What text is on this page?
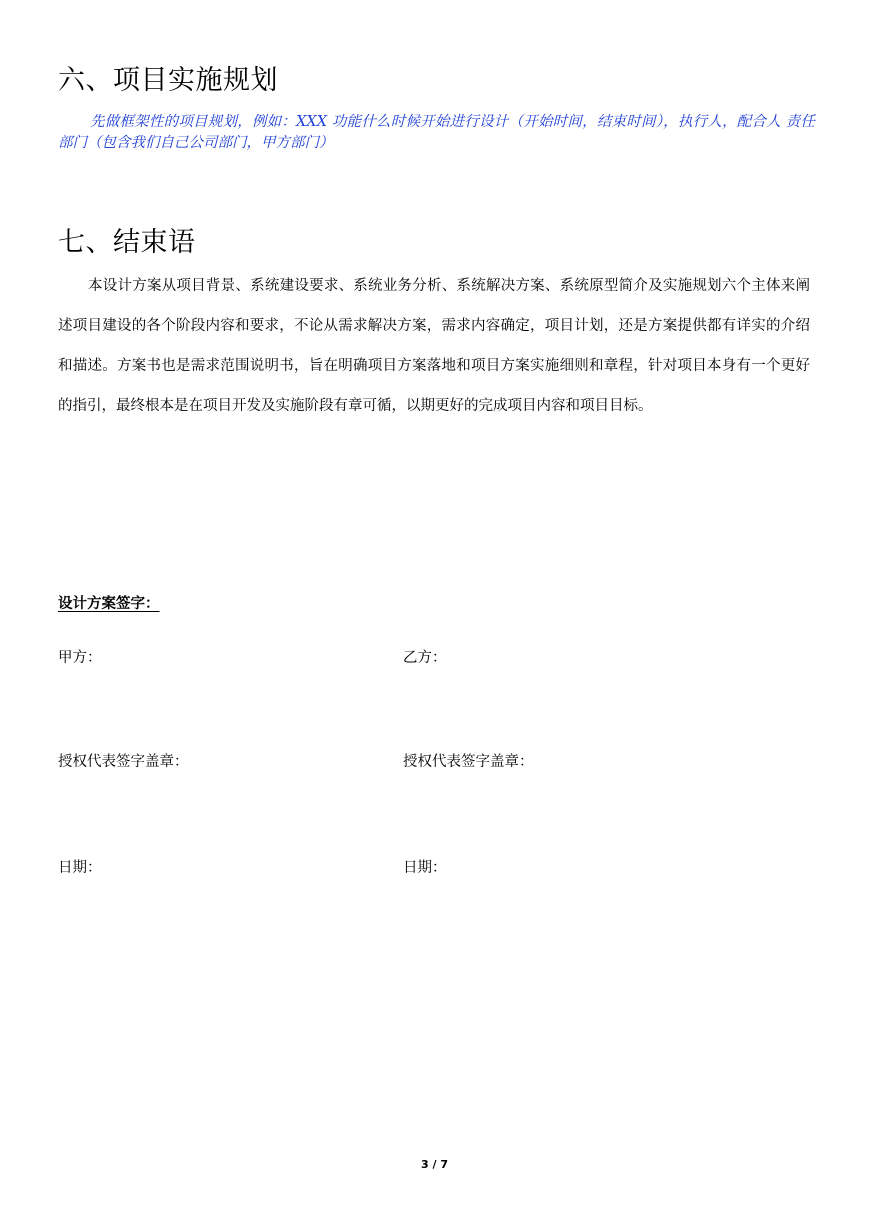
六、项目实施规划

先做框架性的项目规划，例如：XXX 功能什么时候开始进行设计（开始时间，结束时间），执行人，配合人 责任部门（包含我们自己公司部门，甲方部门）

七、结束语

本设计方案从项目背景、系统建设要求、系统业务分析、系统解决方案、系统原型简介及实施规划六个主体来阐述项目建设的各个阶段内容和要求，不论从需求解决方案，需求内容确定，项目计划，还是方案提供都有详实的介绍和描述。方案书也是需求范围说明书，旨在明确项目方案落地和项目方案实施细则和章程，针对项目本身有一个更好的指引，最终根本是在项目开发及实施阶段有章可循，以期更好的完成项目内容和项目目标。

设计方案签字：
甲方：	乙方：
授权代表签字盖章：	授权代表签字盖章：
日期：	日期：
3 / 7
